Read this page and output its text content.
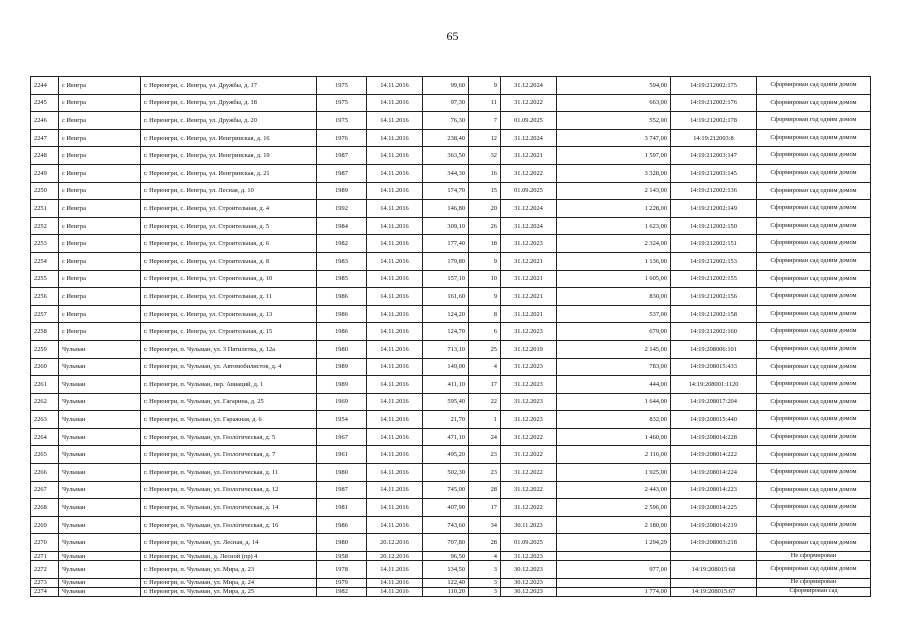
65
2244	с Иенгра	г. Нерюнгри, с. Иенгра, ул. Дружбы, д. 17	1975	14.11.2016	99,60	9	31.12.2024	594,00	14:19:212002:175	Сформирован сад одним домом
2245	с Иенгра	г. Нерюнгри, с. Иенгра, ул. Дружбы, д. 18	1975	14.11.2016	97,30	11	31.12.2022	663,00	14:19:212002:176	Сформирован сад одним домом
2246	с Иенгра	г. Нерюнгри, с. Иенгра, ул. Дружбы, д. 20	1975	14.11.2016	76,30	7	01.09.2025	552,00	14:19:212002:178	Сформирован год одним домом
2247	с Иенгра	г. Нерюнгри, с. Иенгра, ул. Иенгринская, д. 16	1976	14.11.2016	238,40	12	31.12.2024	3 747,00	14:19:212003:8	Сформирован сад одним домом
2248	с Иенгра	г. Нерюнгри, с. Иенгра, ул. Иенгринская, д. 19	1987	14.11.2016	363,50	32	31.12.2021	1 597,00	14:19:212003:147	Сформирован сад одним домом
2249	с Иенгра	г. Нерюнгри, с. Иенгра, ул. Иенгринская, д. 21	1987	14.11.2016	344,30	16	31.12.2022	3 328,00	14:19:212003:145	Сформирован сад одним домом
2250	с Иенгра	г. Нерюнгри, с. Иенгра, ул. Лесная, д. 10	1989	14.11.2016	174,70	15	01.09.2025	2 143,00	14:19:212002:136	Сформирован сад одним домом
2251	с Иенгра	г. Нерюнгри, с. Иенгра, ул. Строительная, д. 4	1992	14.11.2016	146,80	20	31.12.2024	1 228,00	14:19:212002:149	Сформирован сад одним домом
2252	с Иенгра	г. Нерюнгри, с. Иенгра, ул. Строительная, д. 5	1984	14.11.2016	309,10	26	31.12.2024	1 623,00	14:19:212002:150	Сформирован сад одним домом
2253	с Иенгра	г. Нерюнгри, с. Иенгра, ул. Строительная, д. 6	1982	14.11.2016	177,40	18	31.12.2023	2 324,00	14:19:212002:151	Сформирован сад одним домом
2254	с Иенгра	г. Нерюнгри, с. Иенгра, ул. Строительная, д. 8	1983	14.11.2016	179,80	9	31.12.2021	1 136,00	14:19:212002:153	Сформирован сад одним домом
2255	с Иенгра	г. Нерюнгри, с. Иенгра, ул. Строительная, д. 10	1985	14.11.2016	157,10	10	31.12.2021	1 605,00	14:19:212002:155	Сформирован сад одним домом
2256	с Иенгра	г. Нерюнгри, с. Иенгра, ул. Строительная, д. 11	1986	14.11.2016	161,60	9	31.12.2021	830,00	14:19:212002:156	Сформирован сад одним домом
2257	с Иенгра	г. Нерюнгри, с. Иенгра, ул. Строительная, д. 13	1986	14.11.2016	124,20	8	31.12.2021	537,00	14:19:212002:158	Сформирован сад одним домом
2258	с Иенгра	г. Нерюнгри, с. Иенгра, ул. Строительная, д. 15	1986	14.11.2016	124,70	6	31.12.2023	679,00	14:19:212002:160	Сформирован сад одним домом
2259	Чульман	г. Нерюнгри, п. Чульман, ул. 3 Пятилетка, д. 12а	1980	14.11.2016	713,10	25	31.12.2019	2 145,00	14:19:208006:101	Сформирован сад одним домом
2260	Чульман	г. Нерюнгри, п. Чульман, ул. Автомобилистов, д. 4	1989	14.11.2016	149,00	4	31.12.2023	783,00	14:19:208015:433	Сформирован сад одним домом
2261	Чульман	г. Нерюнгри, п. Чульман, пер. Авиаций, д. 1	1989	14.11.2016	411,10	17	31.12.2023	444,00	14:19:208001:1120	Сформирован сад одним домом
2262	Чульман	г. Нерюнгри, п. Чульман, ул. Гагарина, д. 25	1969	14.11.2016	595,40	22	31.12.2023	1 644,00	14:19:208017:204	Сформирован сад одним домом
2263	Чульман	г. Нерюнгри, п. Чульман, ул. Гаражная, д. 6	1954	14.11.2016	21,70	1	31.12.2023	832,00	14:19:208015:440	Сформирован сад одним домом
2264	Чульман	г. Нерюнгри, п. Чульман, ул. Геологическая, д. 5	1967	14.11.2016	471,10	24	31.12.2022	1 460,00	14:19:208014:228	Сформирован сад одним домом
2265	Чульман	г. Нерюнгри, п. Чульман, ул. Геологическая, д. 7	1961	14.11.2016	495,20	23	31.12.2022	2 116,00	14:19:208014:222	Сформирован сад одним домом
2266	Чульман	г. Нерюнгри, п. Чульман, ул. Геологическая, д. 11	1980	14.11.2016	502,30	23	31.12.2022	1 925,00	14:19:208014:224	Сформирован сад одним домом
2267	Чульман	г. Нерюнгри, п. Чульман, ул. Геологическая, д. 12	1987	14.11.2016	745,00	28	31.12.2022	2 443,00	14:19:208014:223	Сформирован сад одним домом
2268	Чульман	г. Нерюнгри, п. Чульман, ул. Геологическая, д. 14	1981	14.11.2016	407,90	17	31.12.2022	2 596,00	14:19:208014:225	Сформирован сад одним домом
2269	Чульман	г. Нерюнгри, п. Чульман, ул. Геологическая, д. 16	1986	14.11.2016	743,60	34	30.11.2023	2 180,00	14:19:208014:219	Сформирован сад одним домом
2270	Чульман	г. Нерюнгри, п. Чульман, ул. Лесная, д. 14	1980	20.12.2016	707,80	28	01.09.2025	1 294,29	14:19:208003:218	Сформирован сад одним домом
2271	Чульман	г. Нерюнгри, п. Чульман, д. Лесной (пр) 4	1958	20.12.2016	96,50	4	31.12.2023			Не сформирован
2272	Чульман	г. Нерюнгри, п. Чульман, ул. Мира, д. 23	1978	14.11.2016	134,50	3	30.12.2023	977,00	14:19:208015:68	Сформирован сад одним домом
2273	Чульман	г. Нерюнгри, п. Чульман, ул. Мира, д. 24	1979	14.11.2016	122,40	3	30.12.2023			Не сформирован
2274	Чульман	г. Нерюнгри, п. Чульман, ул. Мира, д. 25	1982	14.11.2016	110,20	3	30.12.2023	1 774,00	14:19:208015:67	Сформирован сад
